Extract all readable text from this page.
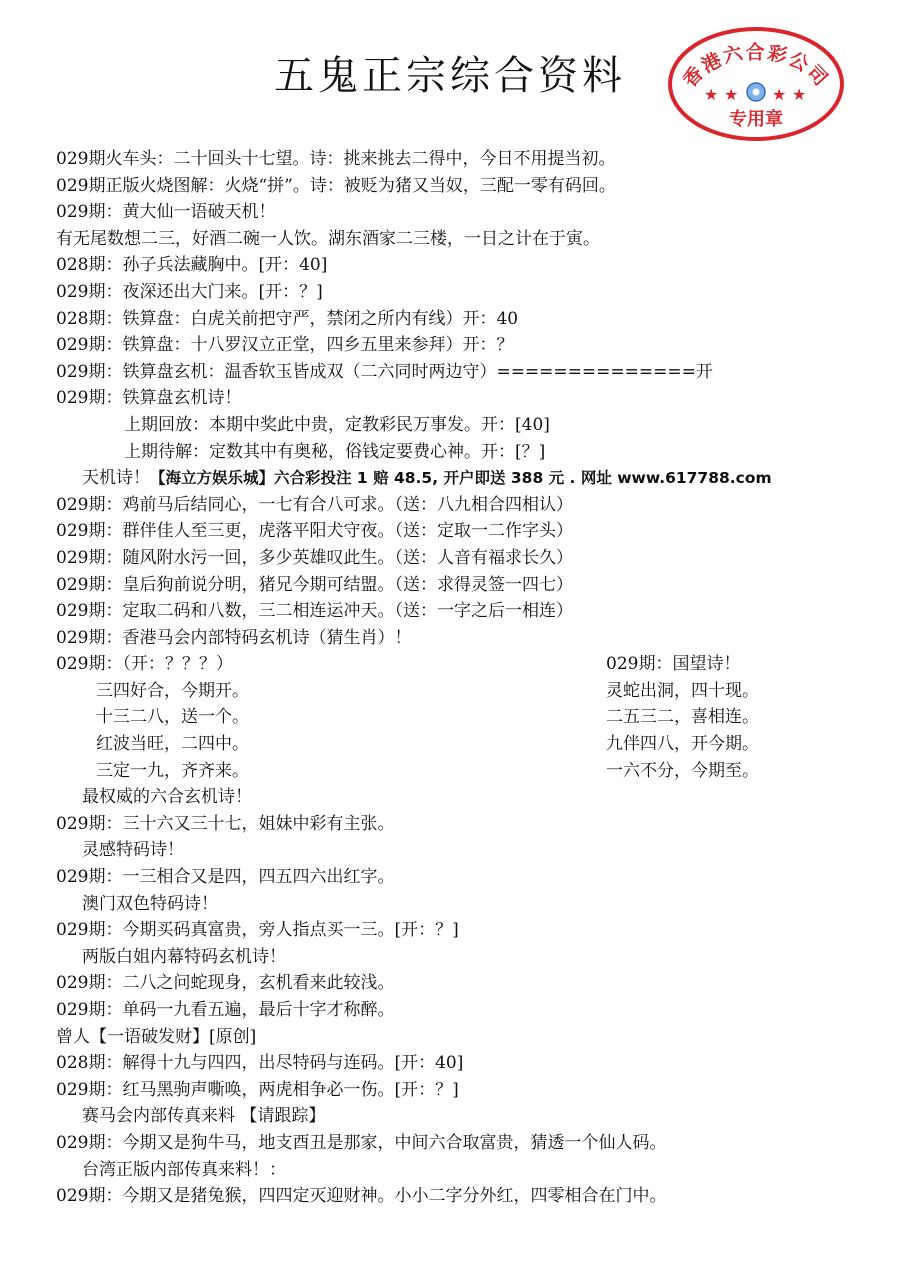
五鬼正宗综合资料	香港六合彩公司
★ ★ ★ ★
专用章
029期火车头：二十回头十七望。诗：挑来挑去二得中，今日不用提当初。
029期正版火烧图解：火烧“拼”。诗：被贬为猪又当奴，三配一零有码回。
029期：黄大仙一语破天机！
有无尾数想二三，好酒二碗一人饮。湖东酒家二三楼，一日之计在于寅。
028期：孙子兵法藏胸中。[开：40]
029期：夜深还出大门来。[开：？]
028期：铁算盘：白虎关前把守严，禁闭之所内有线）开：40
029期：铁算盘：十八罗汉立正堂，四乡五里来参拜）开：？
029期：铁算盘玄机：温香软玉皆成双（二六同时两边守）==============开
029期：铁算盘玄机诗！
上期回放：本期中奖此中贵，定教彩民万事发。开：[40]
上期待解：定数其中有奥秘，俗钱定要费心神。开：[？]
天机诗！【海立方娱乐城】六合彩投注 1 赔 48.5, 开户即送 388 元 . 网址 www.617788.com
029期：鸡前马后结同心，一七有合八可求。（送：八九相合四相认）
029期：群伴佳人至三更，虎落平阳犬守夜。（送：定取一二作字头）
029期：随风附水污一回，多少英雄叹此生。（送：人音有福求长久）
029期：皇后狗前说分明，猪兄今期可结盟。（送：求得灵签一四七）
029期：定取二码和八数，三二相连运冲天。（送：一字之后一相连）
029期：香港马会内部特码玄机诗（猜生肖）！
029期：（开：？？？）
三四好合，今期开。
十三二八，送一个。
红波当旺，二四中。
三定一九，齐齐来。
029期：国望诗！
灵蛇出洞，四十现。
二五三二，喜相连。
九伴四八，开今期。
一六不分，今期至。
最权威的六合玄机诗！
029期：三十六又三十七，姐妹中彩有主张。
灵感特码诗！
029期：一三相合又是四，四五四六出红字。
澳门双色特码诗！
029期：今期买码真富贵，旁人指点买一三。[开：？]
两版白姐内幕特码玄机诗！
029期：二八之问蛇现身，玄机看来此较浅。
029期：单码一九看五遍，最后十字才称醉。
曾人【一语破发财】[原创]
028期：解得十九与四四，出尽特码与连码。[开：40]
029期：红马黑驹声嘶唤，两虎相争必一伤。[开：？]
赛马会内部传真来料 【请跟踪】
029期：今期又是狗牛马，地支酉丑是那家，中间六合取富贵，猜透一个仙人码。
台湾正版内部传真来料！：
029期：今期又是猪兔猴，四四定灭迎财神。小小二字分外红，四零相合在门中。
